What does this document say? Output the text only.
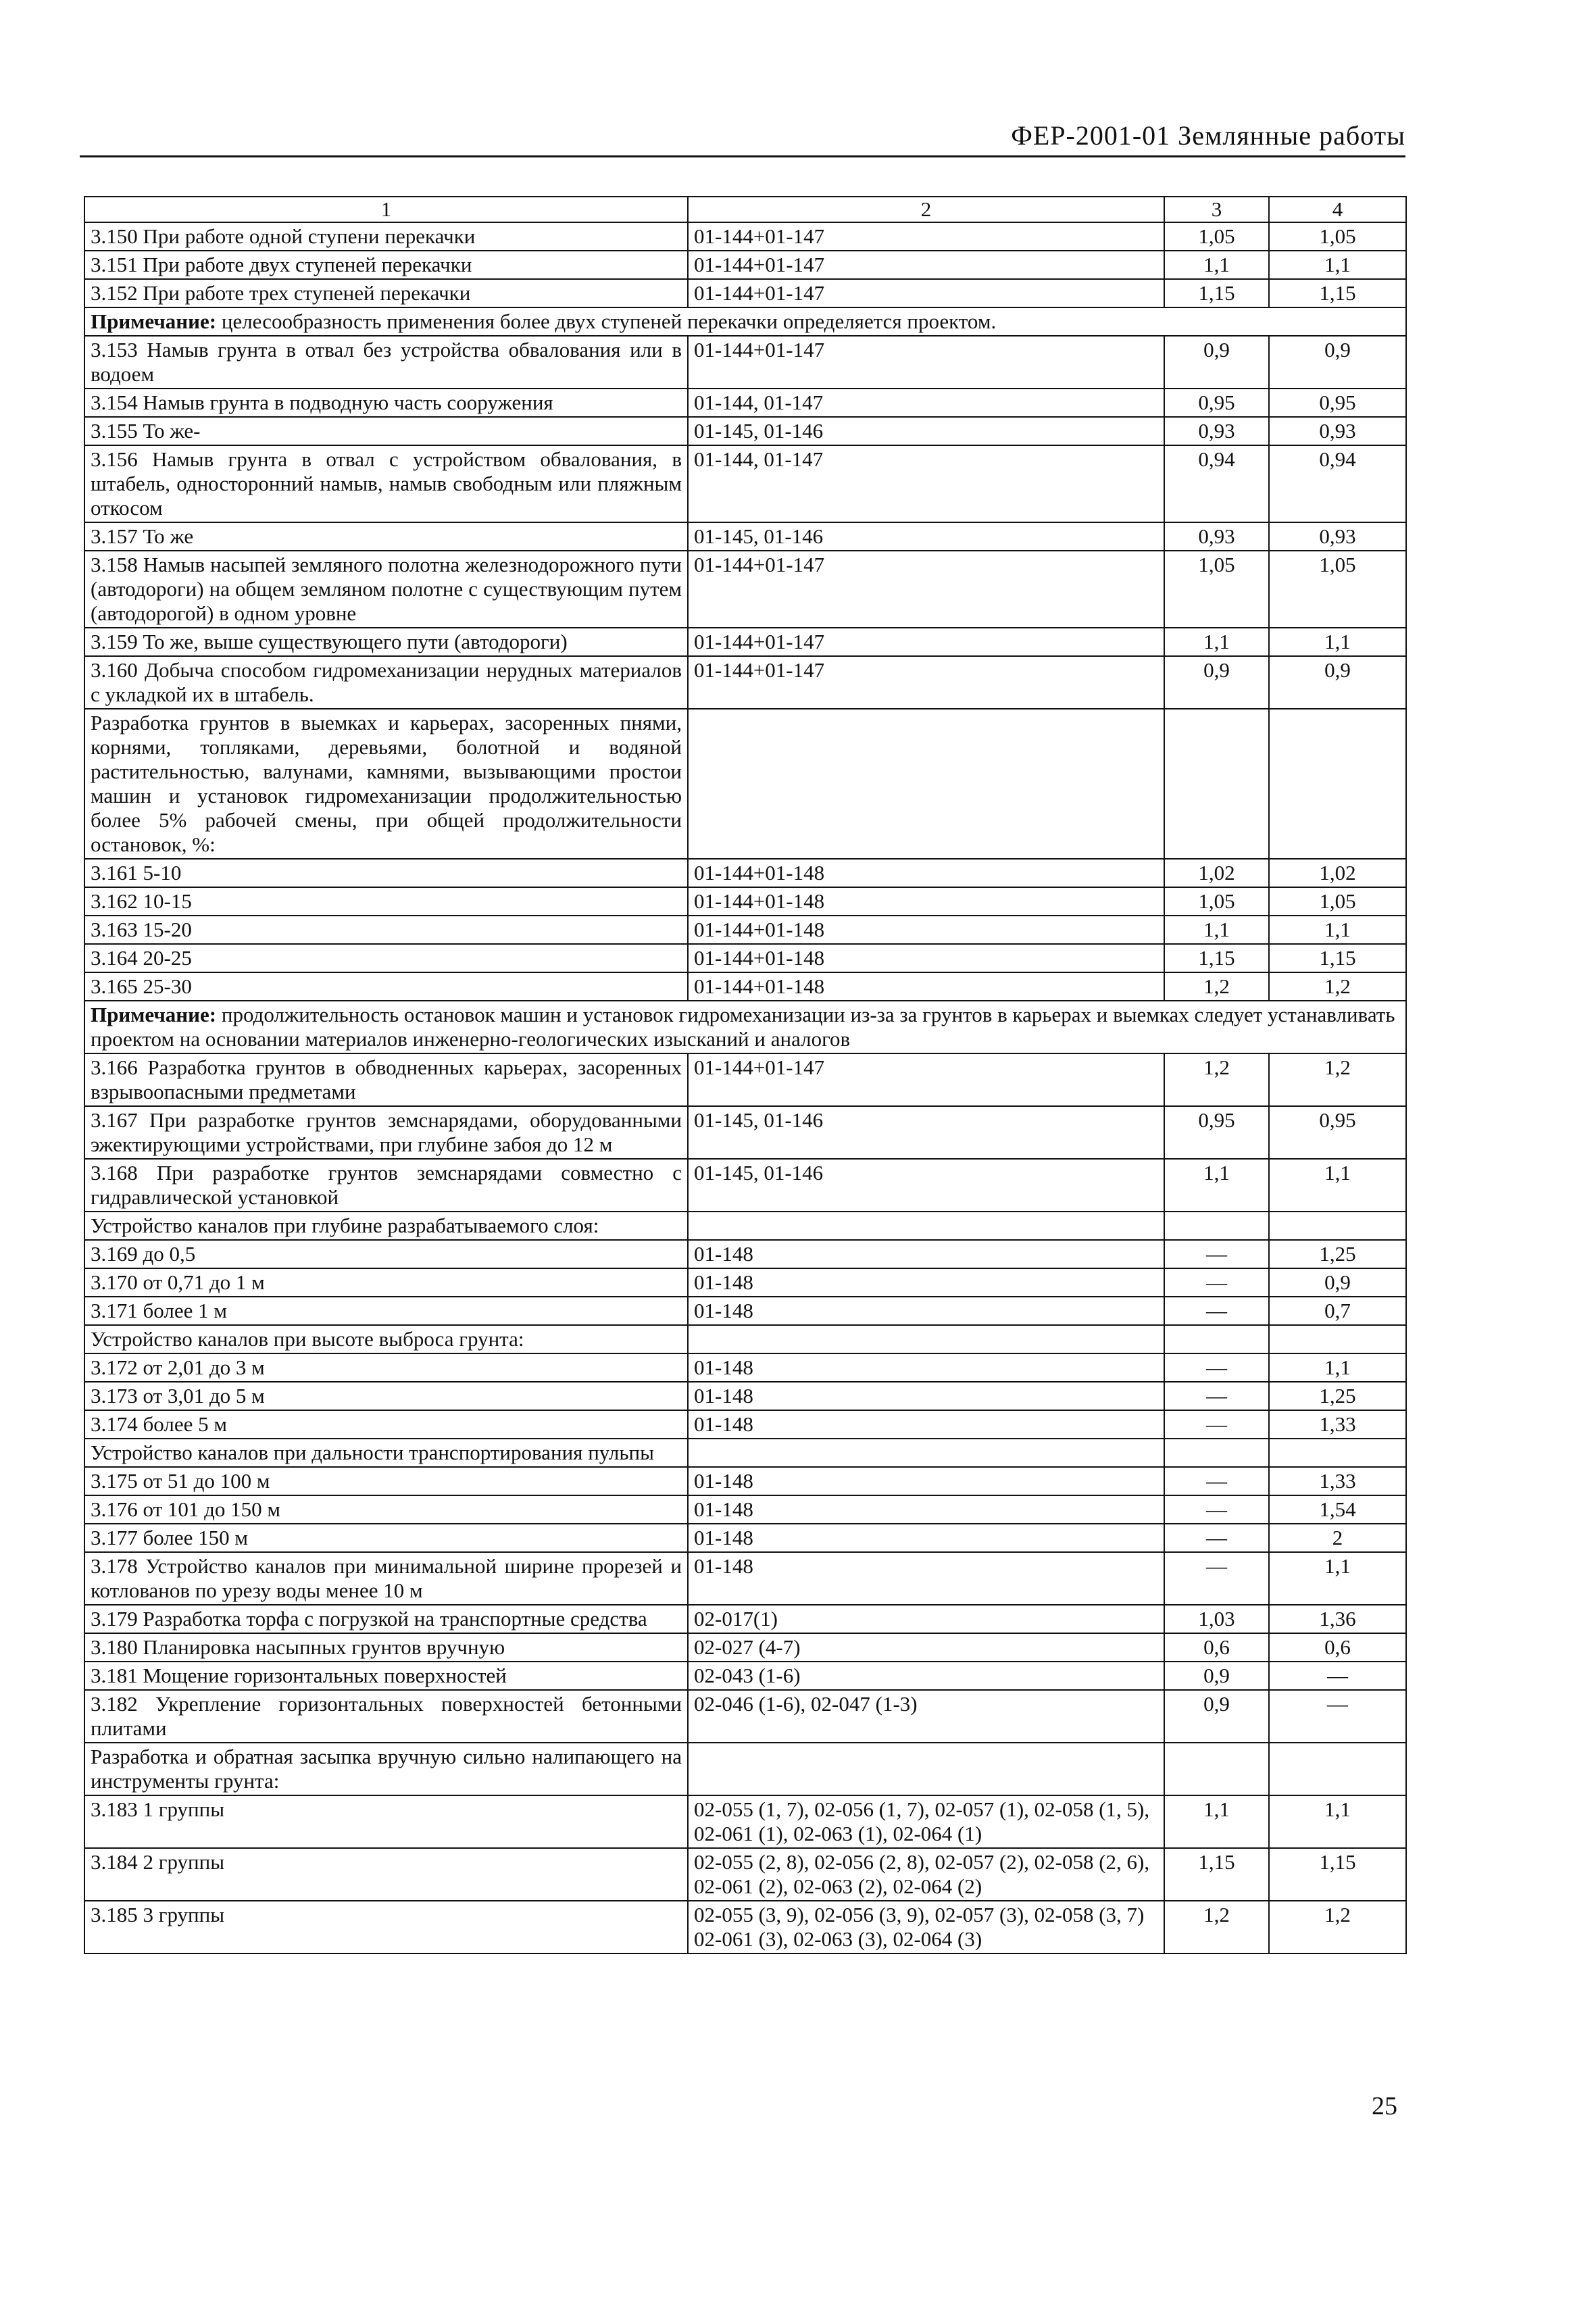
ФЕР-2001-01 Землянные работы
1	2	3	4
3.150 При работе одной ступени перекачки	01-144+01-147	1,05	1,05
3.151 При работе двух ступеней перекачки	01-144+01-147	1,1	1,1
3.152 При работе трех ступеней перекачки	01-144+01-147	1,15	1,15
Примечание: целесообразность применения более двух ступеней перекачки определяется проектом.			
3.153 Намыв грунта в отвал без устройства обвалования или в водоем	01-144+01-147	0,9	0,9
3.154 Намыв грунта в подводную часть сооружения	01-144, 01-147	0,95	0,95
3.155 То же-	01-145, 01-146	0,93	0,93
3.156 Намыв грунта в отвал с устройством обвалования, в штабель, односторонний намыв, намыв свободным или пляжным откосом	01-144, 01-147	0,94	0,94
3.157 То же	01-145, 01-146	0,93	0,93
3.158 Намыв насыпей земляного полотна железнодорожного пути (автодороги) на общем земляном полотне с существующим путем (автодорогой) в одном уровне	01-144+01-147	1,05	1,05
3.159 То же, выше существующего пути (автодороги)	01-144+01-147	1,1	1,1
3.160 Добыча способом гидромеханизации нерудных материалов с укладкой их в штабель.	01-144+01-147	0,9	0,9
Разработка грунтов в выемках и карьерах, засоренных пнями, корнями, топляками, деревьями, болотной и водяной растительностью, валунами, камнями, вызывающими простои машин и установок гидромеханизации продолжительностью более 5% рабочей смены, при общей продолжительности остановок, %:			
3.161 5-10	01-144+01-148	1,02	1,02
3.162 10-15	01-144+01-148	1,05	1,05
3.163 15-20	01-144+01-148	1,1	1,1
3.164 20-25	01-144+01-148	1,15	1,15
3.165 25-30	01-144+01-148	1,2	1,2
Примечание: продолжительность остановок машин и установок гидромеханизации из-за за грунтов в карьерах и выемках следует устанавливать проектом на основании материалов инженерно-геологических изысканий и аналогов			
3.166 Разработка грунтов в обводненных карьерах, засоренных взрывоопасными предметами	01-144+01-147	1,2	1,2
3.167 При разработке грунтов земснарядами, оборудованными эжектирующими устройствами, при глубине забоя до 12 м	01-145, 01-146	0,95	0,95
3.168 При разработке грунтов земснарядами совместно с гидравлической установкой	01-145, 01-146	1,1	1,1
Устройство каналов при глубине разрабатываемого слоя:			
3.169 до 0,5	01-148	—	1,25
3.170 от 0,71 до 1 м	01-148	—	0,9
3.171 более 1 м	01-148	—	0,7
Устройство каналов при высоте выброса грунта:			
3.172 от 2,01 до 3 м	01-148	—	1,1
3.173 от 3,01 до 5 м	01-148	—	1,25
3.174 более 5 м	01-148	—	1,33
Устройство каналов при дальности транспортирования пульпы			
3.175 от 51 до 100 м	01-148	—	1,33
3.176 от 101 до 150 м	01-148	—	1,54
3.177 более 150 м	01-148	—	2
3.178 Устройство каналов при минимальной ширине прорезей и котлованов по урезу воды менее 10 м	01-148	—	1,1
3.179 Разработка торфа с погрузкой на транспортные средства	02-017(1)	1,03	1,36
3.180 Планировка насыпных грунтов вручную	02-027 (4-7)	0,6	0,6
3.181 Мощение горизонтальных поверхностей	02-043 (1-6)	0,9	—
3.182 Укрепление горизонтальных поверхностей бетонными плитами	02-046 (1-6), 02-047 (1-3)	0,9	—
Разработка и обратная засыпка вручную сильно налипающего на инструменты грунта:			
3.183 1 группы	02-055 (1, 7), 02-056 (1, 7), 02-057 (1), 02-058 (1, 5), 02-061 (1), 02-063 (1), 02-064 (1)	1,1	1,1
3.184 2 группы	02-055 (2, 8), 02-056 (2, 8), 02-057 (2), 02-058 (2, 6), 02-061 (2), 02-063 (2), 02-064 (2)	1,15	1,15
3.185 3 группы	02-055 (3, 9), 02-056 (3, 9), 02-057 (3), 02-058 (3, 7) 02-061 (3), 02-063 (3), 02-064 (3)	1,2	1,2
25
